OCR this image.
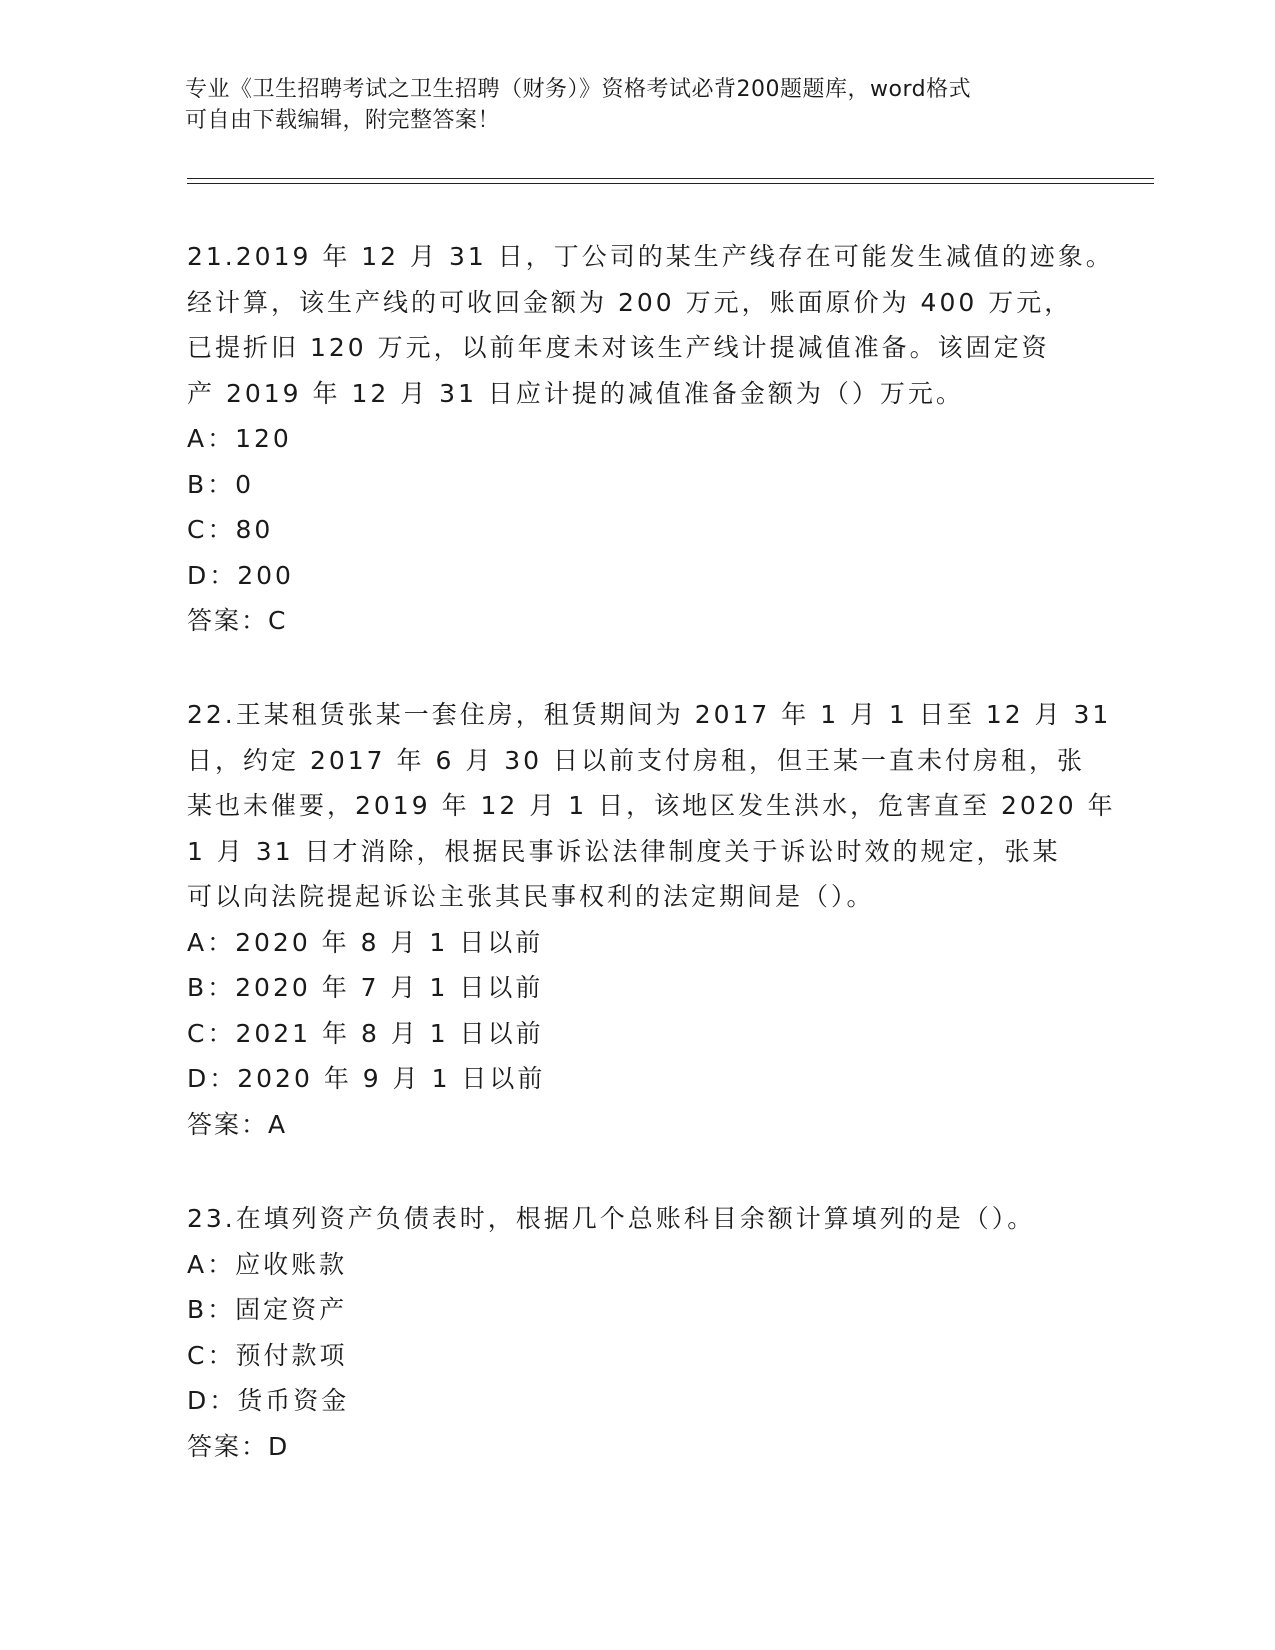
专业《卫生招聘考试之卫生招聘（财务）》资格考试必背200题题库，word格式

可自由下载编辑，附完整答案！

21.2019 年 12 月 31 日，丁公司的某生产线存在可能发生减值的迹象。
经计算，该生产线的可收回金额为 200 万元，账面原价为 400 万元，
已提折旧 120 万元，以前年度未对该生产线计提减值准备。该固定资
产 2019 年 12 月 31 日应计提的减值准备金额为（）万元。

A：120

B：0

C：80

D：200

答案：C

22.王某租赁张某一套住房，租赁期间为 2017 年 1 月 1 日至 12 月 31
日，约定 2017 年 6 月 30 日以前支付房租，但王某一直未付房租，张
某也未催要，2019 年 12 月 1 日，该地区发生洪水，危害直至 2020 年
1 月 31 日才消除，根据民事诉讼法律制度关于诉讼时效的规定，张某
可以向法院提起诉讼主张其民事权利的法定期间是（）。

A：2020 年 8 月 1 日以前

B：2020 年 7 月 1 日以前

C：2021 年 8 月 1 日以前

D：2020 年 9 月 1 日以前

答案：A

23.在填列资产负债表时，根据几个总账科目余额计算填列的是（）。

A：应收账款

B：固定资产

C：预付款项

D：货币资金

答案：D
